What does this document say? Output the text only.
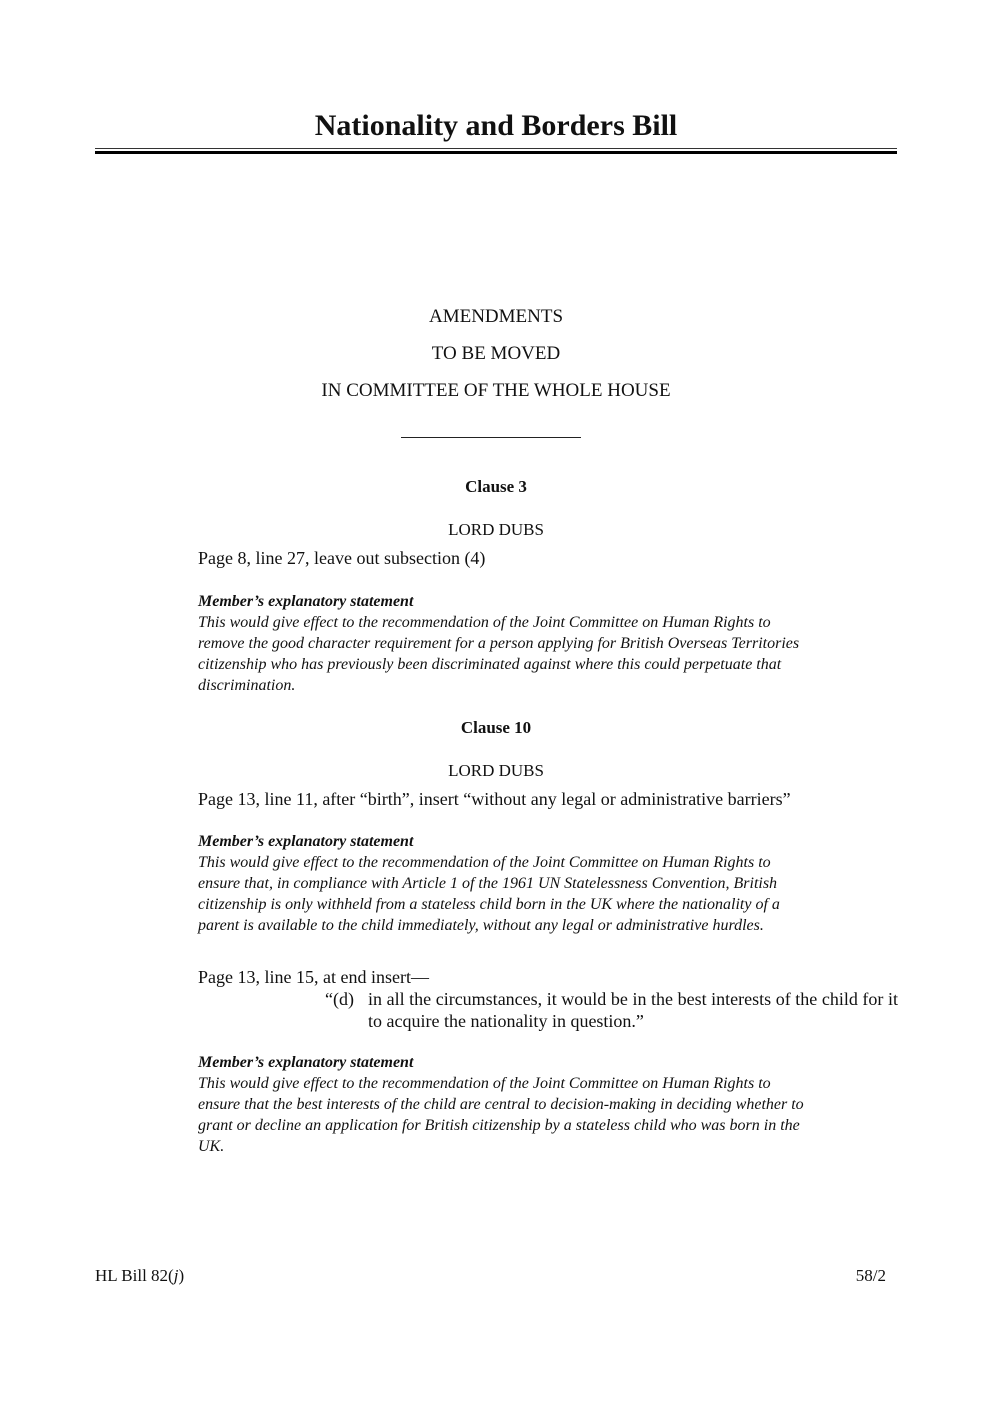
Nationality and Borders Bill
AMENDMENTS
TO BE MOVED
IN COMMITTEE OF THE WHOLE HOUSE
Clause 3
LORD DUBS
Page 8, line 27, leave out subsection (4)
Member’s explanatory statement
This would give effect to the recommendation of the Joint Committee on Human Rights to
remove the good character requirement for a person applying for British Overseas Territories
citizenship who has previously been discriminated against where this could perpetuate that
discrimination.
Clause 10
LORD DUBS
Page 13, line 11, after “birth”, insert “without any legal or administrative barriers”
Member’s explanatory statement
This would give effect to the recommendation of the Joint Committee on Human Rights to
ensure that, in compliance with Article 1 of the 1961 UN Statelessness Convention, British
citizenship is only withheld from a stateless child born in the UK where the nationality of a
parent is available to the child immediately, without any legal or administrative hurdles.
Page 13, line 15, at end insert—
“(d) in all the circumstances, it would be in the best interests of the child for it to acquire the nationality in question.”
Member’s explanatory statement
This would give effect to the recommendation of the Joint Committee on Human Rights to
ensure that the best interests of the child are central to decision-making in deciding whether to
grant or decline an application for British citizenship by a stateless child who was born in the
UK.
HL Bill 82(j)	58/2
